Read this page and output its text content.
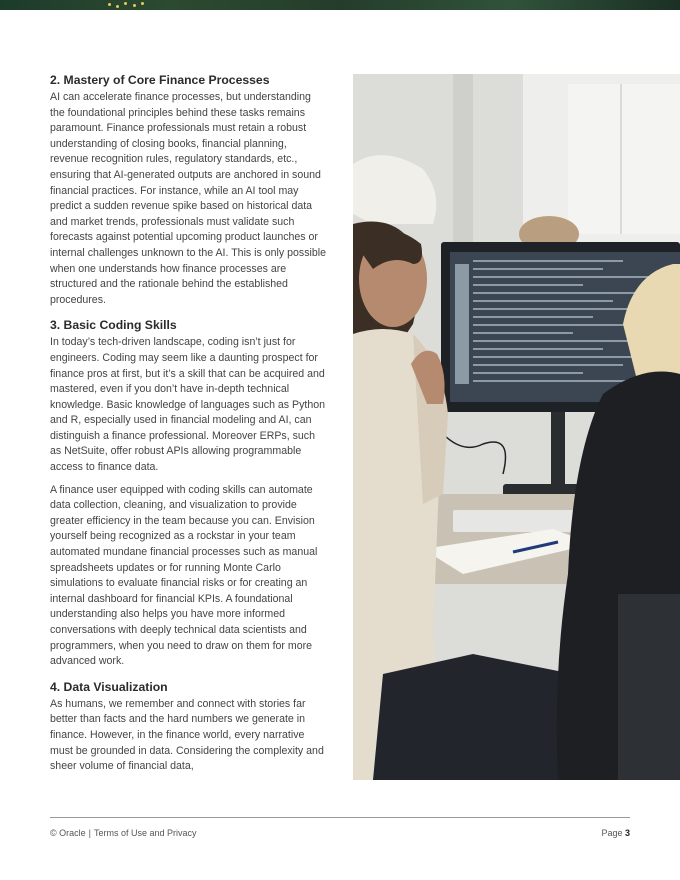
2. Mastery of Core Finance Processes

AI can accelerate finance processes, but understanding the foundational principles behind these tasks remains paramount. Finance professionals must retain a robust understanding of closing books, financial planning, revenue recognition rules, regulatory standards, etc., ensuring that AI-generated outputs are anchored in sound financial practices. For instance, while an AI tool may predict a sudden revenue spike based on historical data and market trends, professionals must validate such forecasts against potential upcoming product launches or internal challenges unknown to the AI. This is only possible when one understands how finance processes are structured and the rationale behind the established procedures.

3. Basic Coding Skills

In today’s tech-driven landscape, coding isn’t just for engineers. Coding may seem like a daunting prospect for finance pros at first, but it’s a skill that can be acquired and mastered, even if you don’t have in-depth technical knowledge. Basic knowledge of languages such as Python and R, especially used in financial modeling and AI, can distinguish a finance professional. Moreover ERPs, such as NetSuite, offer robust APIs allowing programmable access to finance data.

A finance user equipped with coding skills can automate data collection, cleaning, and visualization to provide greater efficiency in the team because you can. Envision yourself being recognized as a rockstar in your team automated mundane financial processes such as manual spreadsheets updates or for running Monte Carlo simulations to evaluate financial risks or for creating an internal dashboard for financial KPIs. A foundational understanding also helps you have more informed conversations with deeply technical data scientists and programmers, when you need to draw on them for more advanced work.

4. Data Visualization

As humans, we remember and connect with stories far better than facts and the hard numbers we generate in finance. However, in the finance world, every narrative must be grounded in data. Considering the complexity and sheer volume of financial data,

© Oracle | Terms of Use and Privacy	Page 3
